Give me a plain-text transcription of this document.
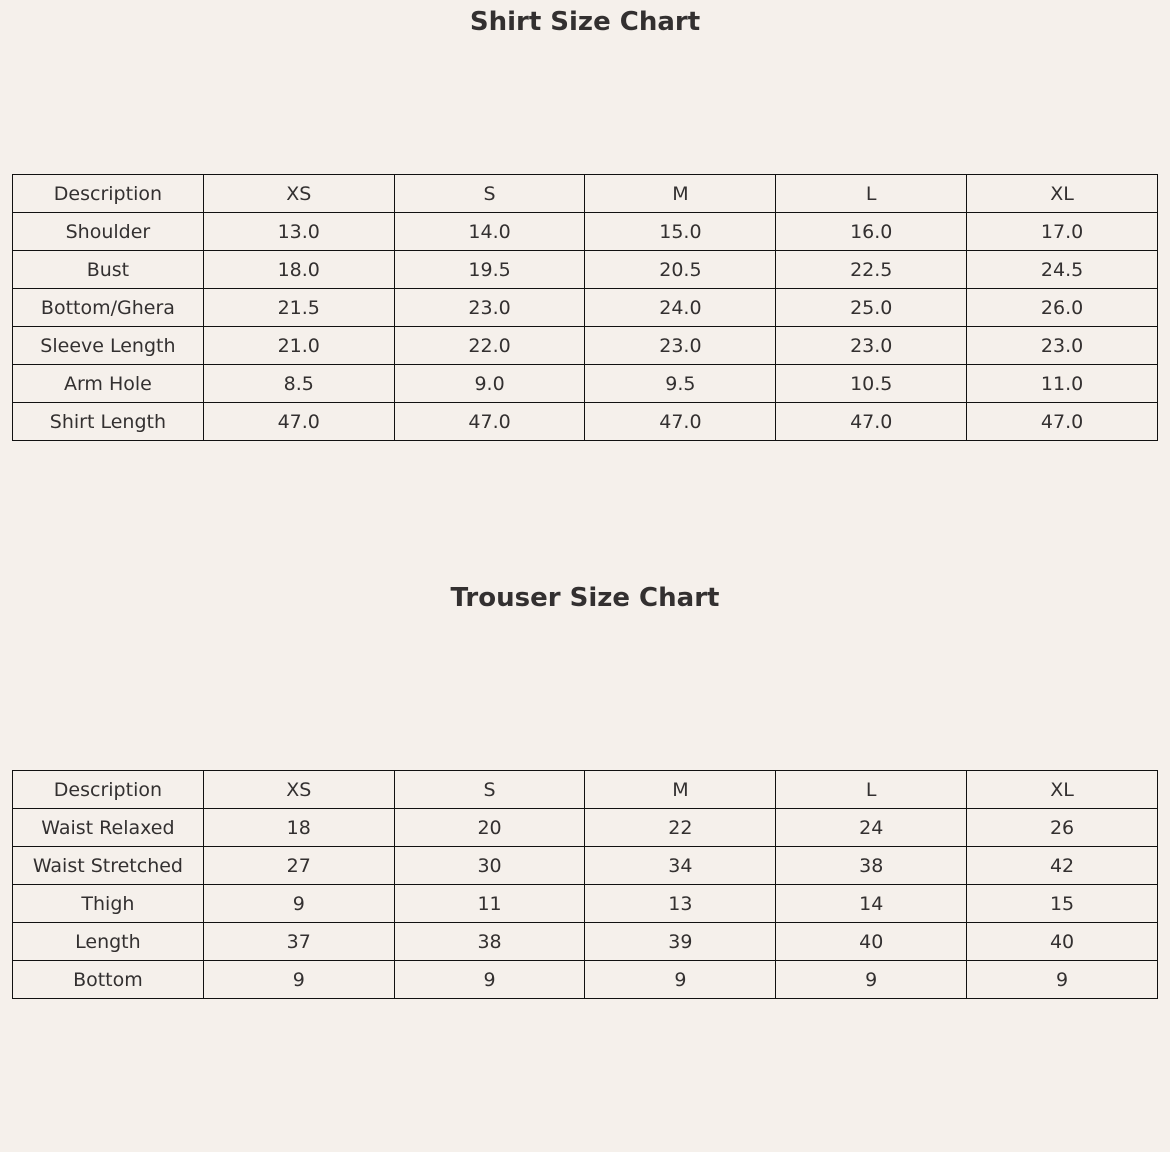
Shirt Size Chart
Description	XS	S	M	L	XL
Shoulder	13.0	14.0	15.0	16.0	17.0
Bust	18.0	19.5	20.5	22.5	24.5
Bottom/Ghera	21.5	23.0	24.0	25.0	26.0
Sleeve Length	21.0	22.0	23.0	23.0	23.0
Arm Hole	8.5	9.0	9.5	10.5	11.0
Shirt Length	47.0	47.0	47.0	47.0	47.0
Trouser Size Chart
Description	XS	S	M	L	XL
Waist Relaxed	18	20	22	24	26
Waist Stretched	27	30	34	38	42
Thigh	9	11	13	14	15
Length	37	38	39	40	40
Bottom	9	9	9	9	9
